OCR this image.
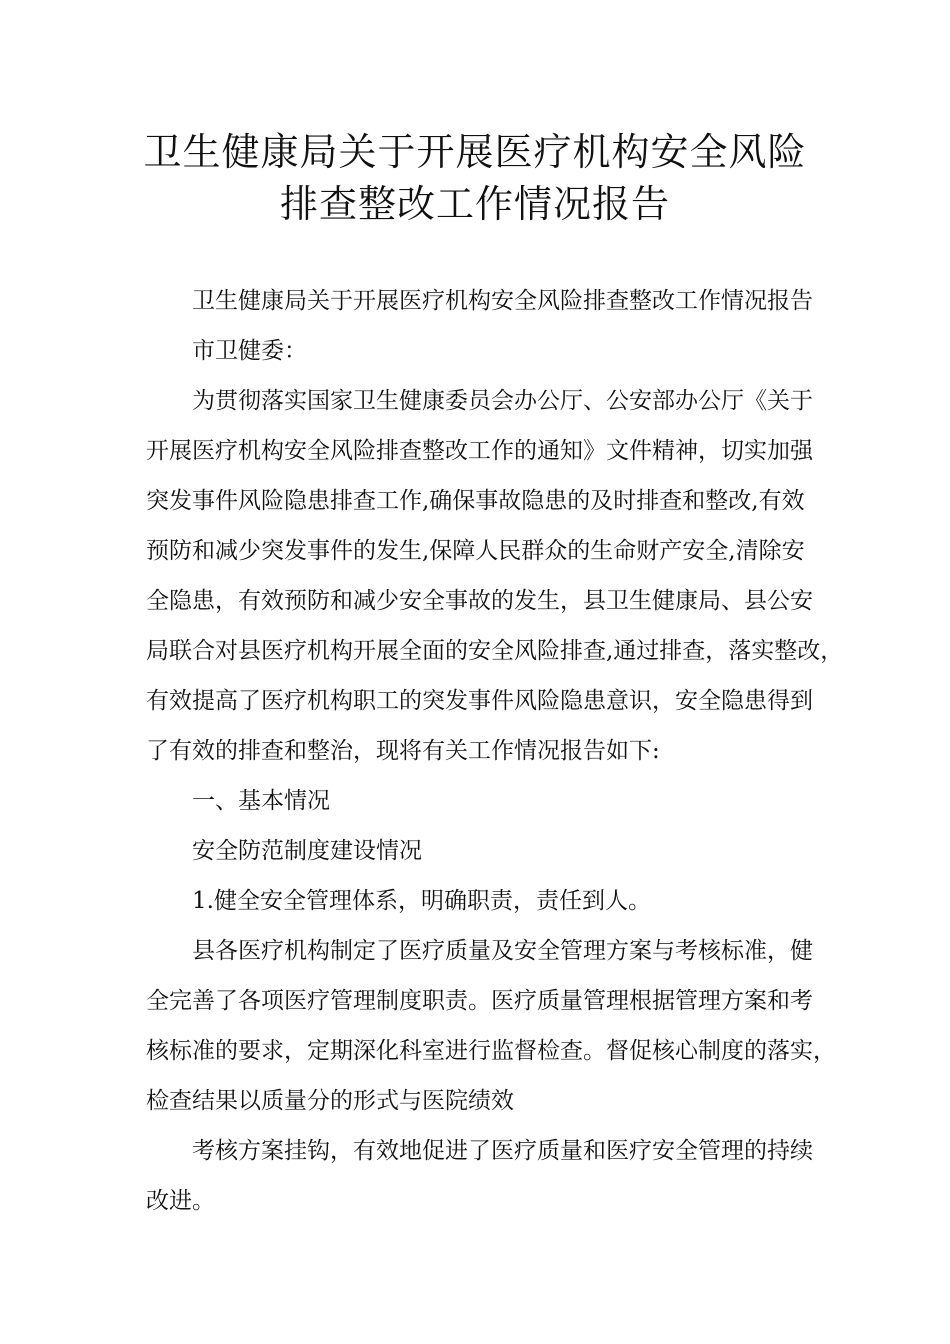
卫生健康局关于开展医疗机构安全风险
排查整改工作情况报告
卫生健康局关于开展医疗机构安全风险排查整改工作情况报告
市卫健委：
为贯彻落实国家卫生健康委员会办公厅、公安部办公厅《关于
开展医疗机构安全风险排查整改工作的通知》文件精神，切实加强
突发事件风险隐患排查工作,确保事故隐患的及时排查和整改,有效
预防和减少突发事件的发生,保障人民群众的生命财产安全,清除安
全隐患，有效预防和减少安全事故的发生，县卫生健康局、县公安
局联合对县医疗机构开展全面的安全风险排查,通过排查，落实整改，
有效提高了医疗机构职工的突发事件风险隐患意识，安全隐患得到
了有效的排查和整治，现将有关工作情况报告如下:
一、基本情况
安全防范制度建设情况
1.健全安全管理体系，明确职责，责任到人。
县各医疗机构制定了医疗质量及安全管理方案与考核标准，健
全完善了各项医疗管理制度职责。医疗质量管理根据管理方案和考
核标准的要求，定期深化科室进行监督检查。督促核心制度的落实，
检查结果以质量分的形式与医院绩效
考核方案挂钩，有效地促进了医疗质量和医疗安全管理的持续
改进。
